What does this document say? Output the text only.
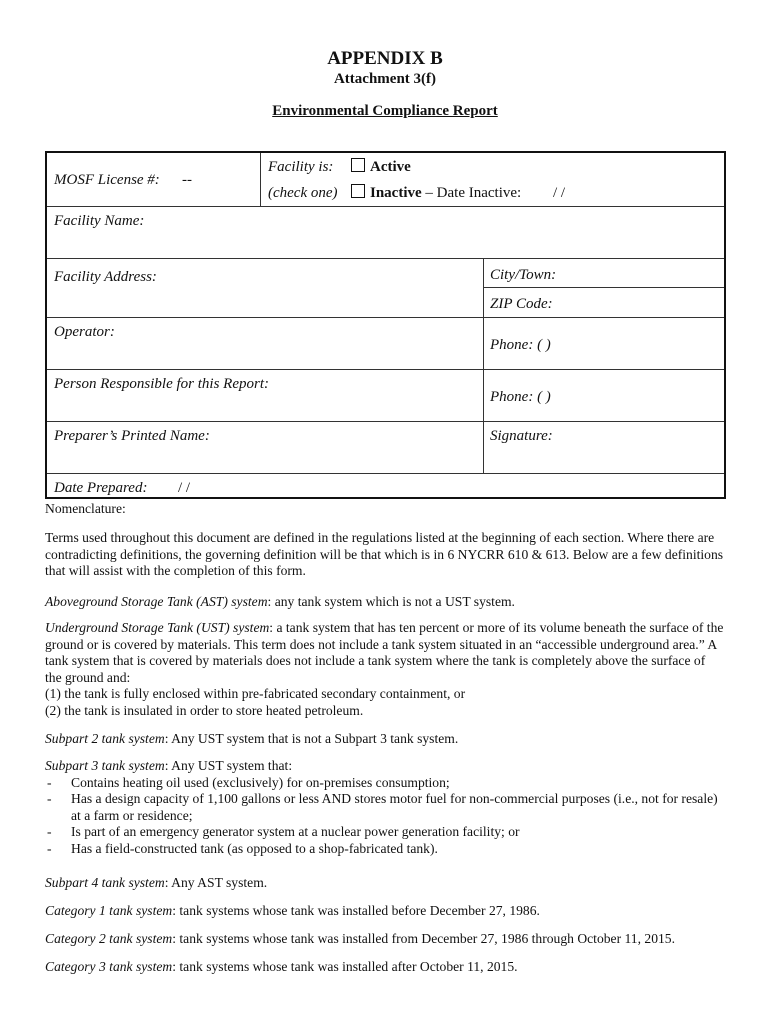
APPENDIX B
Attachment 3(f)
Environmental Compliance Report
MOSF License #: --
Facility is:	Active
(check one)	Inactive – Date Inactive: / /
Facility Name:
Facility Address:	City/Town:
ZIP Code:
Operator:
Phone: ( )
Person Responsible for this Report:
Phone: ( )
Preparer’s Printed Name:	Signature:
Date Prepared: / /
Nomenclature:

Terms used throughout this document are defined in the regulations listed at the beginning of each section. Where there are contradicting definitions, the governing definition will be that which is in 6 NYCRR 610 & 613. Below are a few definitions that will assist with the completion of this form.

Aboveground Storage Tank (AST) system: any tank system which is not a UST system.

Underground Storage Tank (UST) system: a tank system that has ten percent or more of its volume beneath the surface of the ground or is covered by materials. This term does not include a tank system situated in an “accessible underground area.” A tank system that is covered by materials does not include a tank system where the tank is completely above the surface of the ground and:

(1) the tank is fully enclosed within pre-fabricated secondary containment, or

(2) the tank is insulated in order to store heated petroleum.

Subpart 2 tank system: Any UST system that is not a Subpart 3 tank system.

Subpart 3 tank system: Any UST system that:

- Contains heating oil used (exclusively) for on-premises consumption;

- Has a design capacity of 1,100 gallons or less AND stores motor fuel for non-commercial purposes (i.e., not for resale) at a farm or residence;

- Is part of an emergency generator system at a nuclear power generation facility; or

- Has a field-constructed tank (as opposed to a shop-fabricated tank).

Subpart 4 tank system: Any AST system.

Category 1 tank system: tank systems whose tank was installed before December 27, 1986.

Category 2 tank system: tank systems whose tank was installed from December 27, 1986 through October 11, 2015.

Category 3 tank system: tank systems whose tank was installed after October 11, 2015.
